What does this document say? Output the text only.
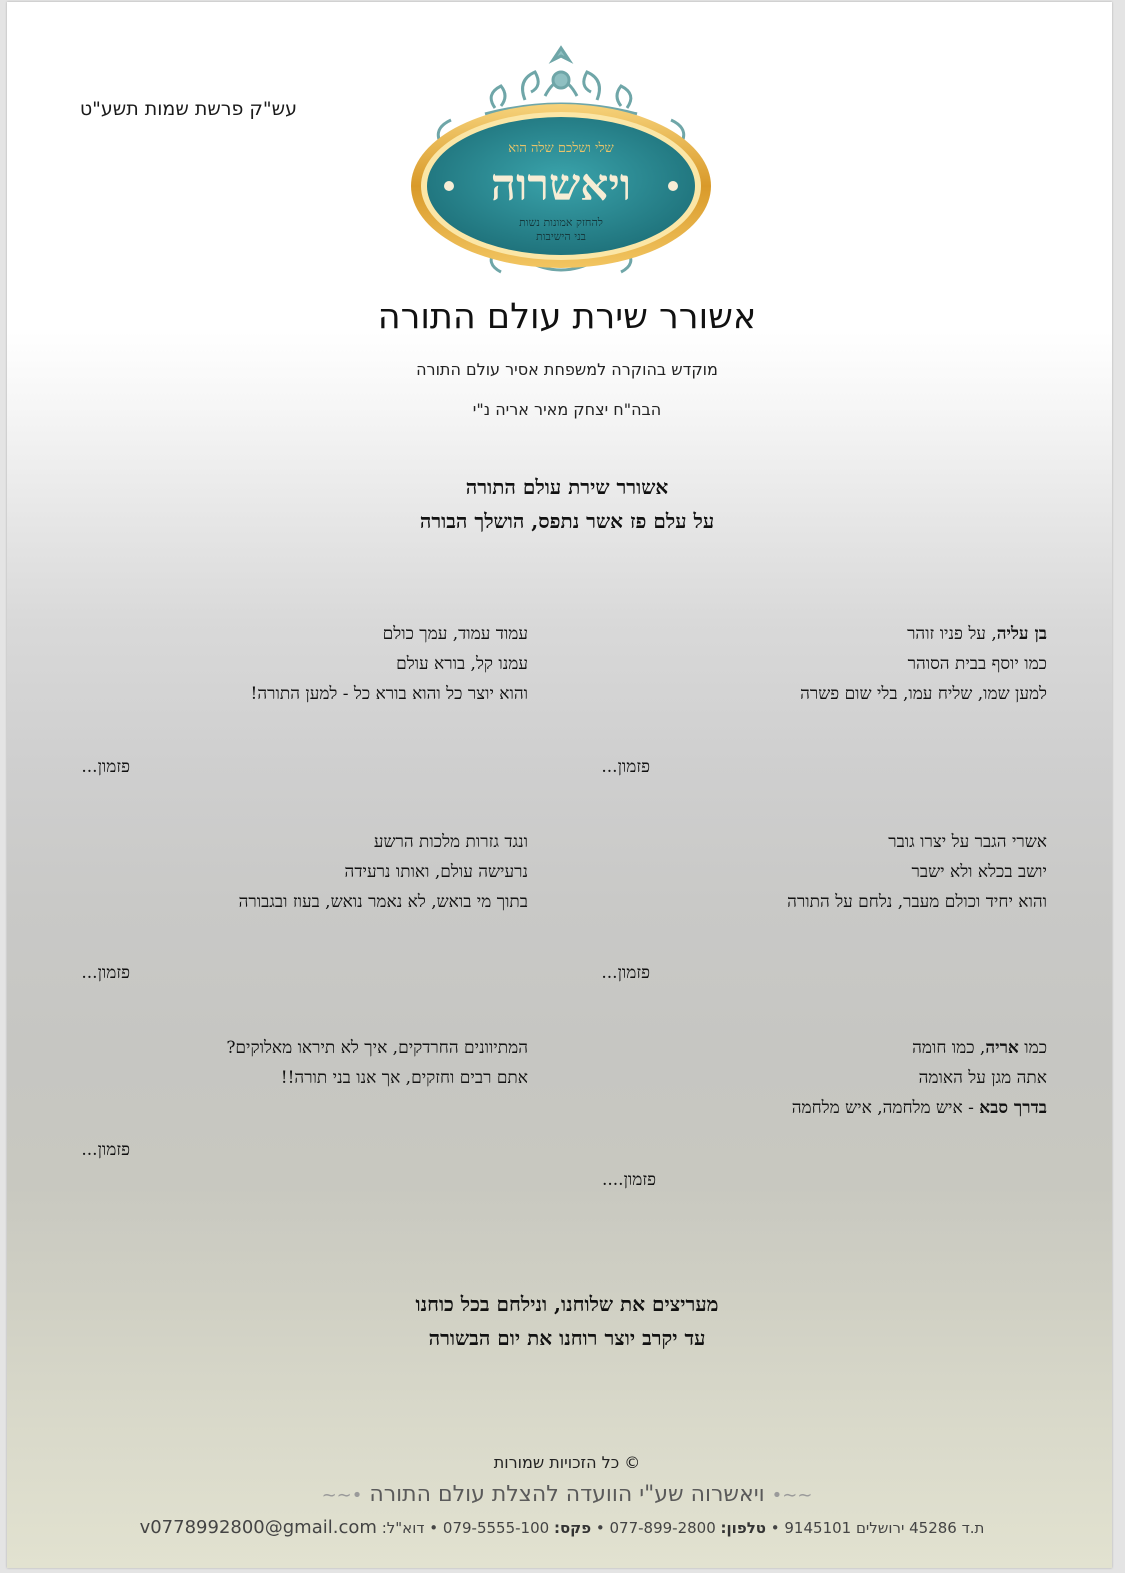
עש"ק פרשת שמות תשע"ט
שלי ושלכם שלה הוא
ויאשרוה
להחזק אמונות נשות
בני הישיבות
אשורר שירת עולם התורה
מוקדש בהוקרה למשפחת אסיר עולם התורה
הבה"ח יצחק מאיר אריה נ"י
אשורר שירת עולם התורה
על עלם פז אשר נתפס, הושלך הבורה
בן עליה, על פניו זוהר
כמו יוסף בבית הסוהר
למען שמו, שליח עמו, בלי שום פשרה
עמוד עמוד, עמך כולם
עמנו קל, בורא עולם
והוא יוצר כל והוא בורא כל - למען התורה!
פזמון...
פזמון...
אשרי הגבר על יצרו גובר
יושב בכלא ולא ישבר
והוא יחיד וכולם מעבר, נלחם על התורה
ונגד גזרות מלכות הרשע
נרעישה עולם, ואותו נרעידה
בתוך מי בואש, לא נאמר נואש, בעוז ובגבורה
פזמון...
פזמון...
כמו אריה, כמו חומה
אתה מגן על האומה
בדרך סבא - איש מלחמה, איש מלחמה
המתיוונים החרדקים, איך לא תיראו מאלוקים?
אתם רבים וחזקים, אך אנו בני תורה!!
פזמון....
פזמון...
מעריצים את שלוחנו, ונילחם בכל כוחנו
עד יקרב יוצר רוחנו את יום הבשורה
© כל הזכויות שמורות
~∽• ויאשרוה שע"י הוועדה להצלת עולם התורה •∽~
ת.ד 45286 ירושלים 9145101 • טלפון: 077-899-2800 • פקס: 079-5555-100 • דוא"ל: v0778992800@gmail.com
